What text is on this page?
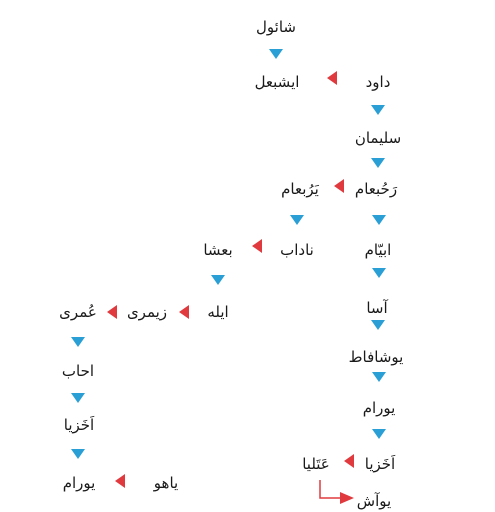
شائول
ایشبعل	داود
سلیمان
رَحُبعام
یَرُبعام
ناداب	ابیّام
بعشا
ایله
زیمری
عُمری	آسا
یوشافاط
احاب
یورام
اَخَزیا
اَخَزیا
عَتَلیا
یورام	یاهو
یوآش
